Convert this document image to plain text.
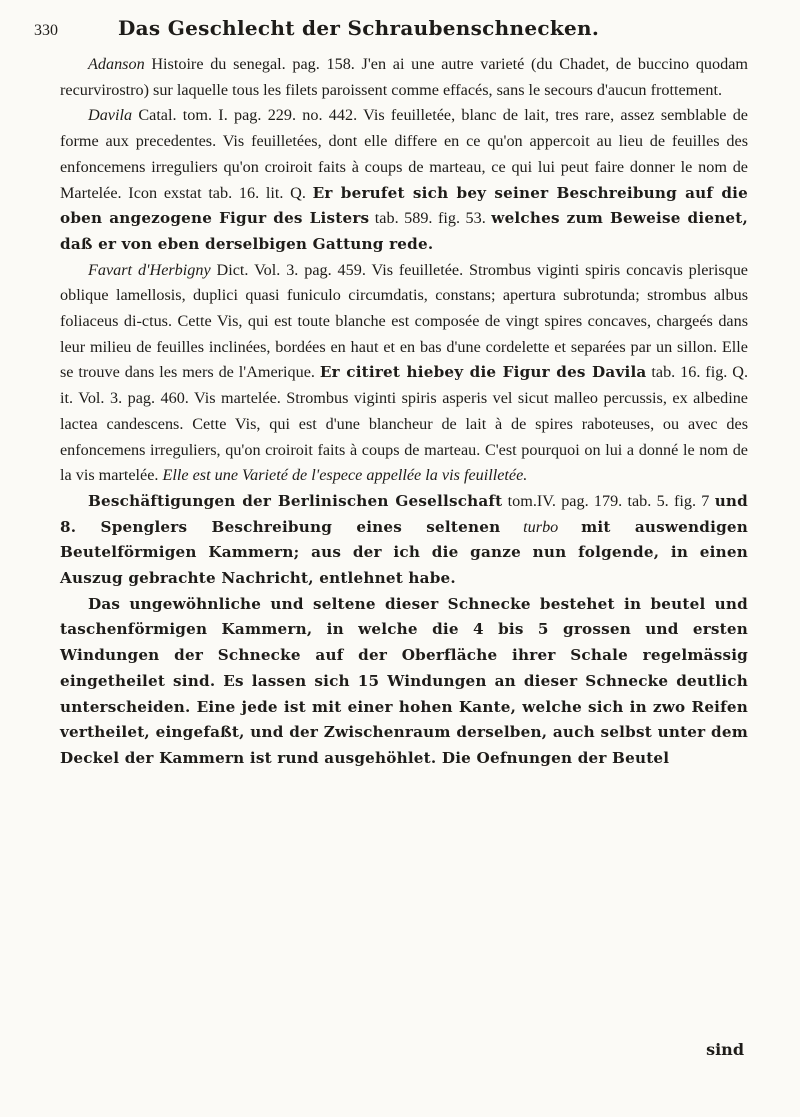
330	Das Geschlecht der Schraubenschnecken.

Adanson Histoire du senegal. pag. 158. J'en ai une autre varieté (du Chadet, de buccino quodam recurvirostro) sur laquelle tous les filets paroissent comme effacés, sans le secours d'aucun frottement.

Davila Catal. tom. I. pag. 229. no. 442. Vis feuilletée, blanc de lait, tres rare, assez semblable de forme aux precedentes. Vis feuilletées, dont elle differe en ce qu'on appercoit au lieu de feuilles des enfoncemens irreguliers qu'on croiroit faits à coups de marteau, ce qui lui peut faire donner le nom de Martelée. Icon exstat tab. 16. lit. Q. Er berufet sich bey seiner Beschreibung auf die oben angezogene Figur des Listers tab. 589. fig. 53. welches zum Beweise dienet, daß er von eben derselbigen Gattung rede.

Favart d'Herbigny Dict. Vol. 3. pag. 459. Vis feuilletée. Strombus viginti spiris concavis plerisque oblique lamellosis, duplici quasi funiculo circumdatis, constans; apertura subrotunda; strombus albus foliaceus di-ctus. Cette Vis, qui est toute blanche est composée de vingt spires concaves, chargeés dans leur milieu de feuilles inclinées, bordées en haut et en bas d'une cordelette et separées par un sillon. Elle se trouve dans les mers de l'Amerique. Er citiret hiebey die Figur des Davila tab. 16. fig. Q. it. Vol. 3. pag. 460. Vis martelée. Strombus viginti spiris asperis vel sicut malleo percussis, ex albedine lactea candescens. Cette Vis, qui est d'une blancheur de lait à de spires raboteuses, ou avec des enfoncemens irreguliers, qu'on croiroit faits à coups de marteau. C'est pourquoi on lui a donné le nom de la vis martelée. Elle est une Varieté de l'espece appellée la vis feuilletée.

Beschäftigungen der Berlinischen Gesellschaft tom.IV. pag. 179. tab. 5. fig. 7 und 8. Spenglers Beschreibung eines seltenen turbo mit auswendigen Beutelförmigen Kammern; aus der ich die ganze nun folgende, in einen Auszug gebrachte Nachricht, entlehnet habe.

Das ungewöhnliche und seltene dieser Schnecke bestehet in beutel und taschenförmigen Kammern, in welche die 4 bis 5 grossen und ersten Windungen der Schnecke auf der Oberfläche ihrer Schale regelmässig eingetheilet sind. Es lassen sich 15 Windungen an dieser Schnecke deutlich unterscheiden. Eine jede ist mit einer hohen Kante, welche sich in zwo Reifen vertheilet, eingefaßt, und der Zwischenraum derselben, auch selbst unter dem Deckel der Kammern ist rund ausgehöhlet. Die Oefnungen der Beutel

sind
